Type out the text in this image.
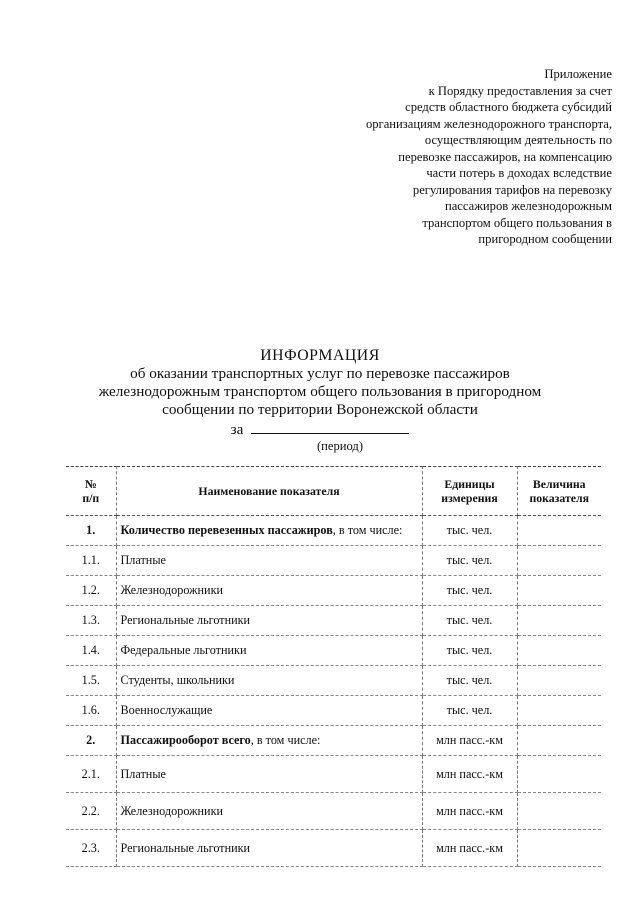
Приложение
к Порядку предоставления за счет
средств областного бюджета субсидий
организациям железнодорожного транспорта,
осуществляющим деятельность по
перевозке пассажиров, на компенсацию
части потерь в доходах вследствие
регулирования тарифов на перевозку
пассажиров железнодорожным
транспортом общего пользования в
пригородном сообщении
ИНФОРМАЦИЯ
об оказании транспортных услуг по перевозке пассажиров
железнодорожным транспортом общего пользования в пригородном
сообщении по территории Воронежской области
за
(период)
№
п/п	Наименование показателя	Единицы измерения	Величина показателя
1.	Количество перевезенных пассажиров, в том числе:	тыс. чел.	
1.1.	Платные	тыс. чел.	
1.2.	Железнодорожники	тыс. чел.	
1.3.	Региональные льготники	тыс. чел.	
1.4.	Федеральные льготники	тыс. чел.	
1.5.	Студенты, школьники	тыс. чел.	
1.6.	Военнослужащие	тыс. чел.	
2.	Пассажирооборот всего, в том числе:	млн пасс.-км	
2.1.	Платные	млн пасс.-км	
2.2.	Железнодорожники	млн пасс.-км	
2.3.	Региональные льготники	млн пасс.-км	
